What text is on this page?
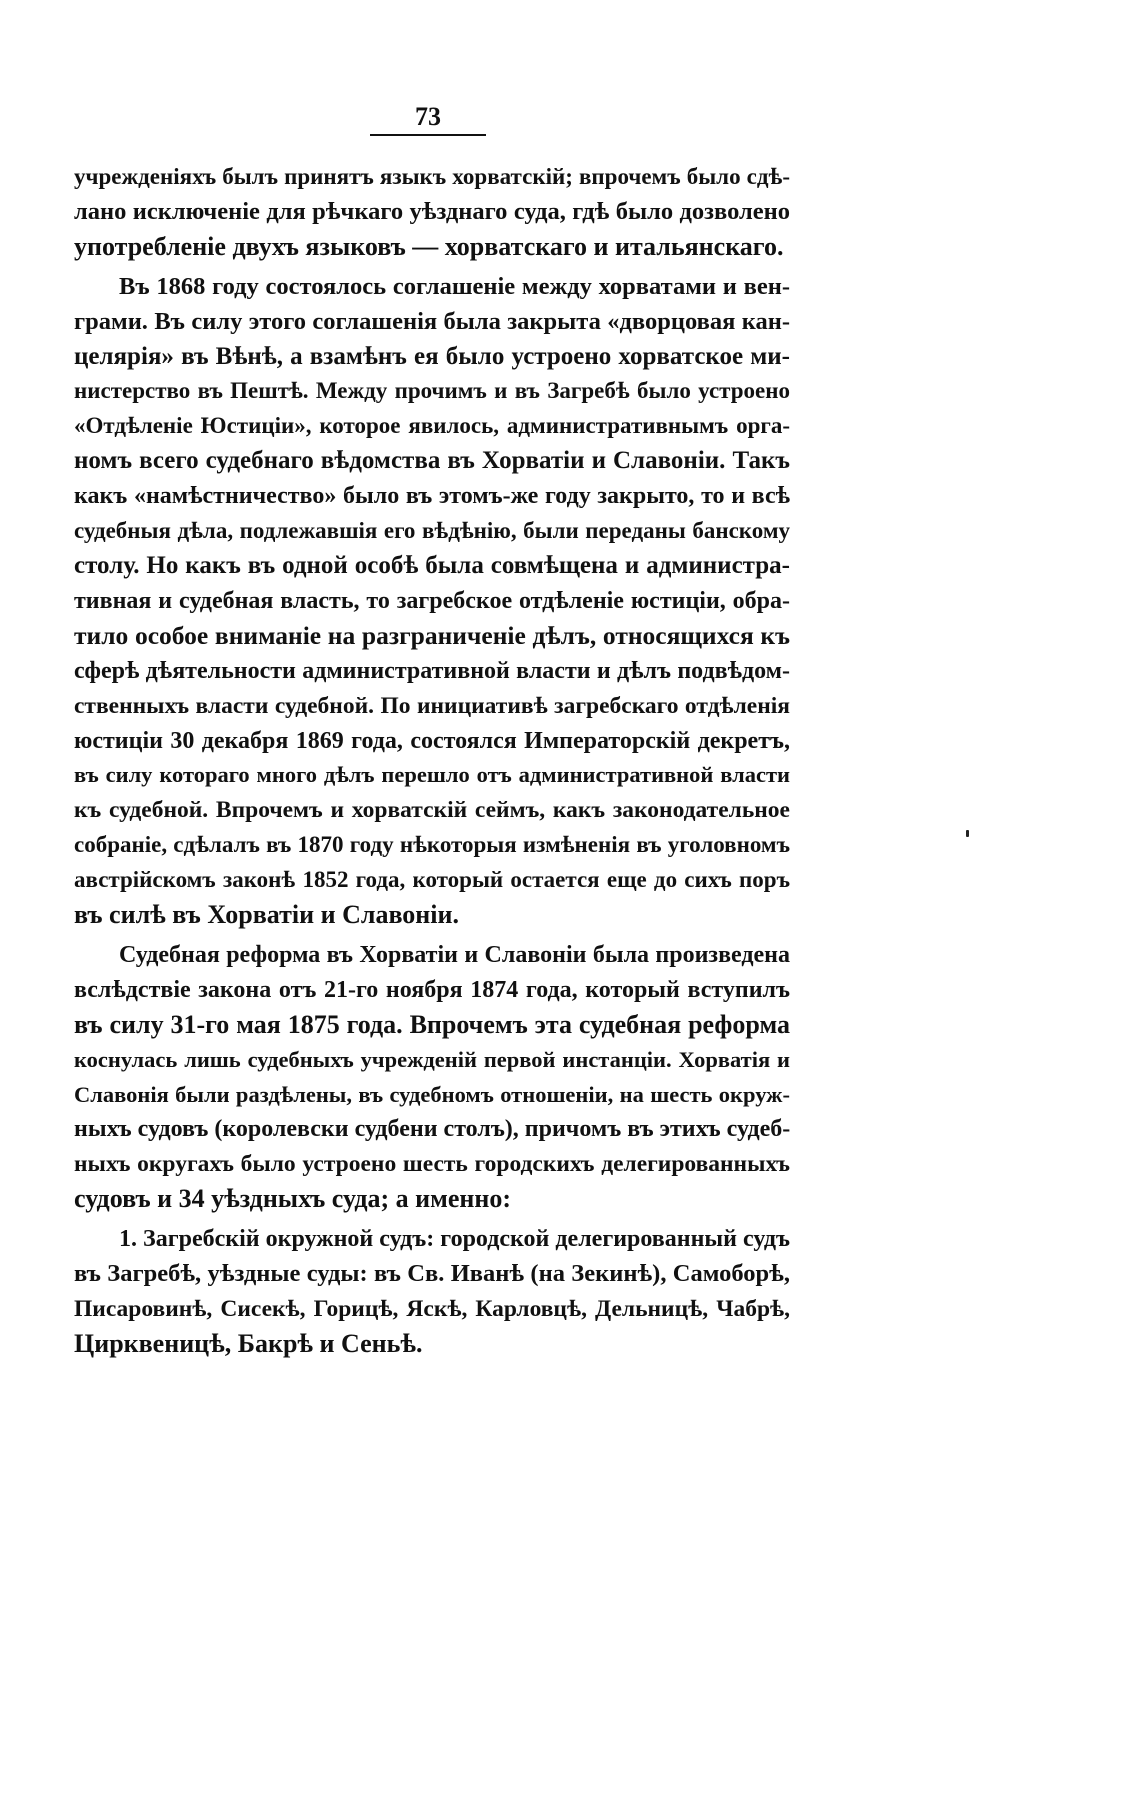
73
учрежденiяхъ былъ принятъ языкъ хорватскiй; впрочемъ было сдѣ-
лано исключенiе для рѣчкаго уѣзднаго суда, гдѣ было дозволено
употребленiе двухъ языковъ — хорватскаго и итальянскаго.
Въ 1868 году состоялось соглашенiе между хорватами и вен-
грами. Въ силу этого соглашенiя была закрыта «дворцовая кан-
целярiя» въ Вѣнѣ, а взамѣнъ ея было устроено хорватское ми-
нистерство въ Пештѣ. Между прочимъ и въ Загребѣ было устроено
«Отдѣленiе Юстицiи», которое явилось, административнымъ орга-
номъ всего судебнаго вѣдомства въ Хорватiи и Славонiи. Такъ
какъ «намѣстничество» было въ этомъ-же году закрыто, то и всѣ
судебныя дѣла, подлежавшiя его вѣдѣнiю, были переданы банскому
столу. Но какъ въ одной особѣ была совмѣщена и администра-
тивная и судебная власть, то загребское отдѣленiе юстицiи, обра-
тило особое вниманiе на разграниченiе дѣлъ, относящихся къ
сферѣ дѣятельности административной власти и дѣлъ подвѣдом-
ственныхъ власти судебной. По инициативѣ загребскаго отдѣленiя
юстицiи 30 декабря 1869 года, состоялся Императорскiй декретъ,
въ силу котораго много дѣлъ перешло отъ административной власти
къ судебной. Впрочемъ и хорватскiй сеймъ, какъ законодательное
собранiе, сдѣлалъ въ 1870 году нѣкоторыя измѣненiя въ уголовномъ
австрiйскомъ законѣ 1852 года, который остается еще до сихъ поръ
въ силѣ въ Хорватiи и Славонiи.
Судебная реформа въ Хорватiи и Славонiи была произведена
вслѣдствiе закона отъ 21-го ноября 1874 года, который вступилъ
въ силу 31-го мая 1875 года. Впрочемъ эта судебная реформа
коснулась лишь судебныхъ учрежденiй первой инстанцiи. Хорватiя и
Славонiя были раздѣлены, въ судебномъ отношенiи, на шесть окруж-
ныхъ судовъ (королевски судбени столъ), причомъ въ этихъ судеб-
ныхъ округахъ было устроено шесть городскихъ делегированныхъ
судовъ и 34 уѣздныхъ суда; а именно:
1. Загребскiй окружной судъ: городской делегированный судъ
въ Загребѣ, уѣздные суды: въ Св. Иванѣ (на Зекинѣ), Самоборѣ,
Писаровинѣ, Сисекѣ, Горицѣ, Яскѣ, Карловцѣ, Дельницѣ, Чабрѣ,
Цирквеницѣ, Бакрѣ и Сеньѣ.
